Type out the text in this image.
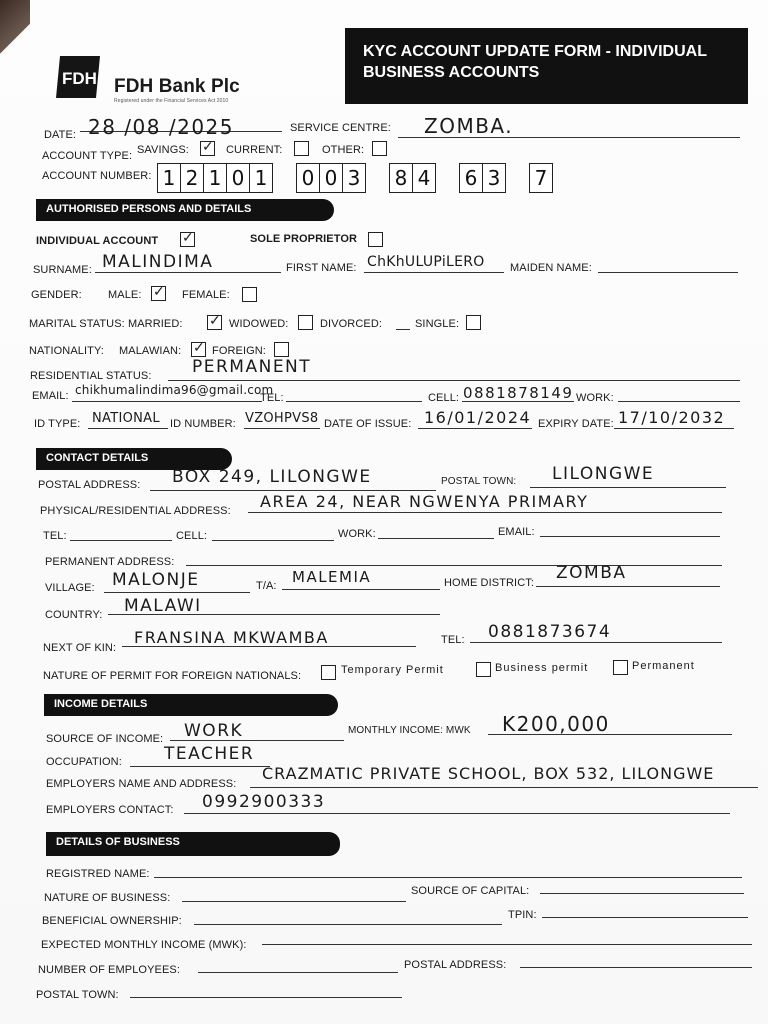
FDH FDH Bank Plc
Registered under the Financial Services Act 2010
KYC ACCOUNT UPDATE FORM - INDIVIDUAL
BUSINESS ACCOUNTS
DATE: 28 /08 /2025	SERVICE CENTRE: ZOMBA.
ACCOUNT TYPE: SAVINGS: ✓ CURRENT:	OTHER:
ACCOUNT NUMBER: 1 2 1 0 1 0 0 3 8 4 6 3 7
AUTHORISED PERSONS AND DETAILS
INDIVIDUAL ACCOUNT ✓	SOLE PROPRIETOR
SURNAME: MALINDIMA	FIRST NAME: ChKhULUPiLERO MAIDEN NAME:
GENDER: MALE: ✓ FEMALE:
MARITAL STATUS: MARRIED: ✓ WIDOWED:	DIVORCED:	SINGLE:
NATIONALITY: MALAWIAN: ✓ FOREIGN:
RESIDENTIAL STATUS: PERMANENT
EMAIL: chikhumalindima96@gmail.com
TEL:	CELL: 0881878149 WORK:
ID TYPE: NATIONAL ID NUMBER: VZOHPVS8 DATE OF ISSUE: 16/01/2024 EXPIRY DATE: 17/10/2032
CONTACT DETAILS
POSTAL ADDRESS: BOX 249, LILONGWE	POSTAL TOWN: LILONGWE
PHYSICAL/RESIDENTIAL ADDRESS: AREA 24, NEAR NGWENYA PRIMARY
TEL:	CELL:	WORK:	EMAIL:
PERMANENT ADDRESS:
VILLAGE: MALONJE	T/A: MALEMIA	HOME DISTRICT: ZOMBA
COUNTRY: MALAWI
NEXT OF KIN:
FRANSINA MKWAMBA	TEL: 0881873674
NATURE OF PERMIT FOR FOREIGN NATIONALS:	Temporary Permit	Business permit	Permanent
INCOME DETAILS
SOURCE OF INCOME: WORK	MONTHLY INCOME: MWK K200,000
OCCUPATION: TEACHER
EMPLOYERS NAME AND ADDRESS:
CRAZMATIC PRIVATE SCHOOL, BOX 532, LILONGWE
EMPLOYERS CONTACT: 0992900333
DETAILS OF BUSINESS
REGISTRED NAME:
NATURE OF BUSINESS:
SOURCE OF CAPITAL:
BENEFICIAL OWNERSHIP:	TPIN:
EXPECTED MONTHLY INCOME (MWK):
NUMBER OF EMPLOYEES:	POSTAL ADDRESS:
POSTAL TOWN:
